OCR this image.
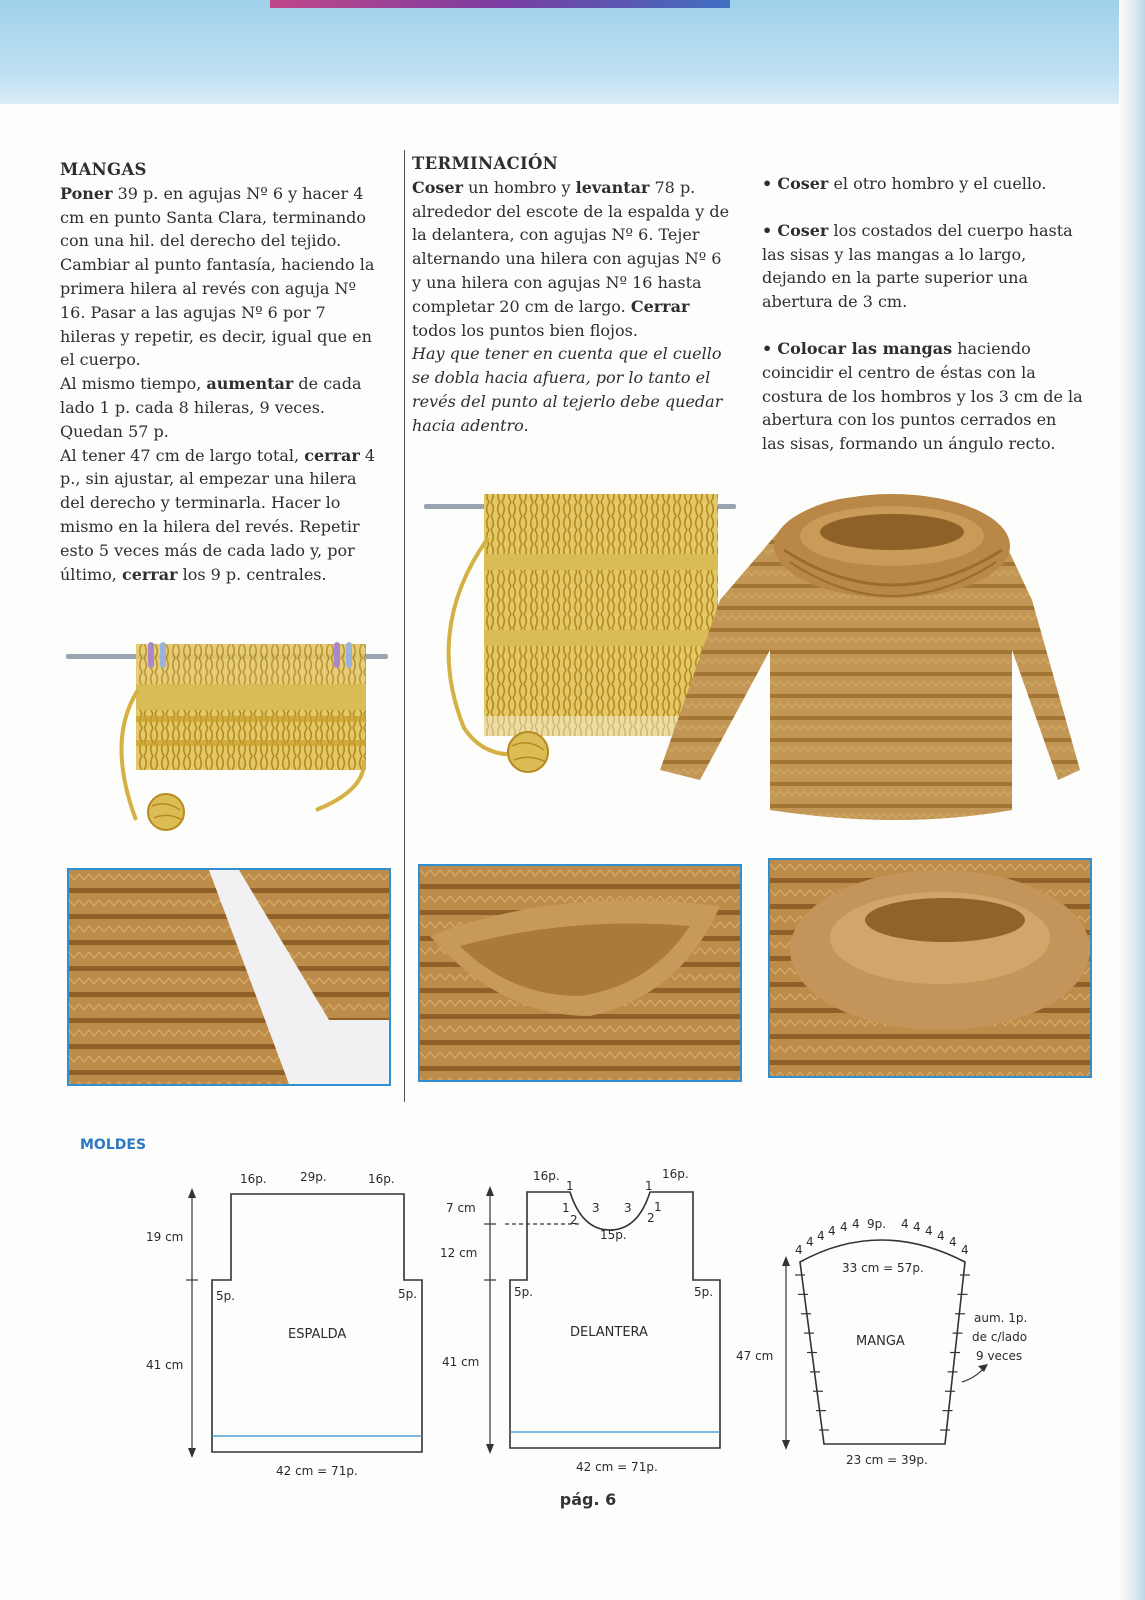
MANGAS

Poner 39 p. en agujas Nº 6 y hacer 4 cm en punto Santa Clara, terminando con una hil. del derecho del tejido. Cambiar al punto fantasía, haciendo la primera hilera al revés con aguja Nº 16. Pasar a las agujas Nº 6 por 7 hileras y repetir, es decir, igual que en el cuerpo.

Al mismo tiempo, aumentar de cada lado 1 p. cada 8 hileras, 9 veces. Quedan 57 p.

Al tener 47 cm de largo total, cerrar 4 p., sin ajustar, al empezar una hilera del derecho y terminarla. Hacer lo mismo en la hilera del revés. Repetir esto 5 veces más de cada lado y, por último, cerrar los 9 p. centrales.

TERMINACIÓN

Coser un hombro y levantar 78 p. alrededor del escote de la espalda y de la delantera, con agujas Nº 6. Tejer alternando una hilera con agujas Nº 6 y una hilera con agujas Nº 16 hasta completar 20 cm de largo. Cerrar todos los puntos bien flojos.

Hay que tener en cuenta que el cuello se dobla hacia afuera, por lo tanto el revés del punto al tejerlo debe quedar hacia adentro.

• Coser el otro hombro y el cuello.

• Coser los costados del cuerpo hasta las sisas y las mangas a lo largo, dejando en la parte superior una abertura de 3 cm.

• Colocar las mangas haciendo coincidir el centro de éstas con la costura de los hombros y los 3 cm de la abertura con los puntos cerrados en las sisas, formando un ángulo recto.

MOLDES
16p.	29p.	16p.
5p.	5p.
19 cm
41 cm
ESPALDA
42 cm = 71p.
16p.	16p.
1
1
2
3
1
1
2
3
15p.
5p.	5p.
7 cm
12 cm
41 cm
DELANTERA
42 cm = 71p.
9p.
4
4 4 4 4 4	4 4 4 4 4
4
33 cm = 57p.
MANGA
47 cm
aum. 1p.
de c/lado
9 veces
23 cm = 39p.
pág. 6
